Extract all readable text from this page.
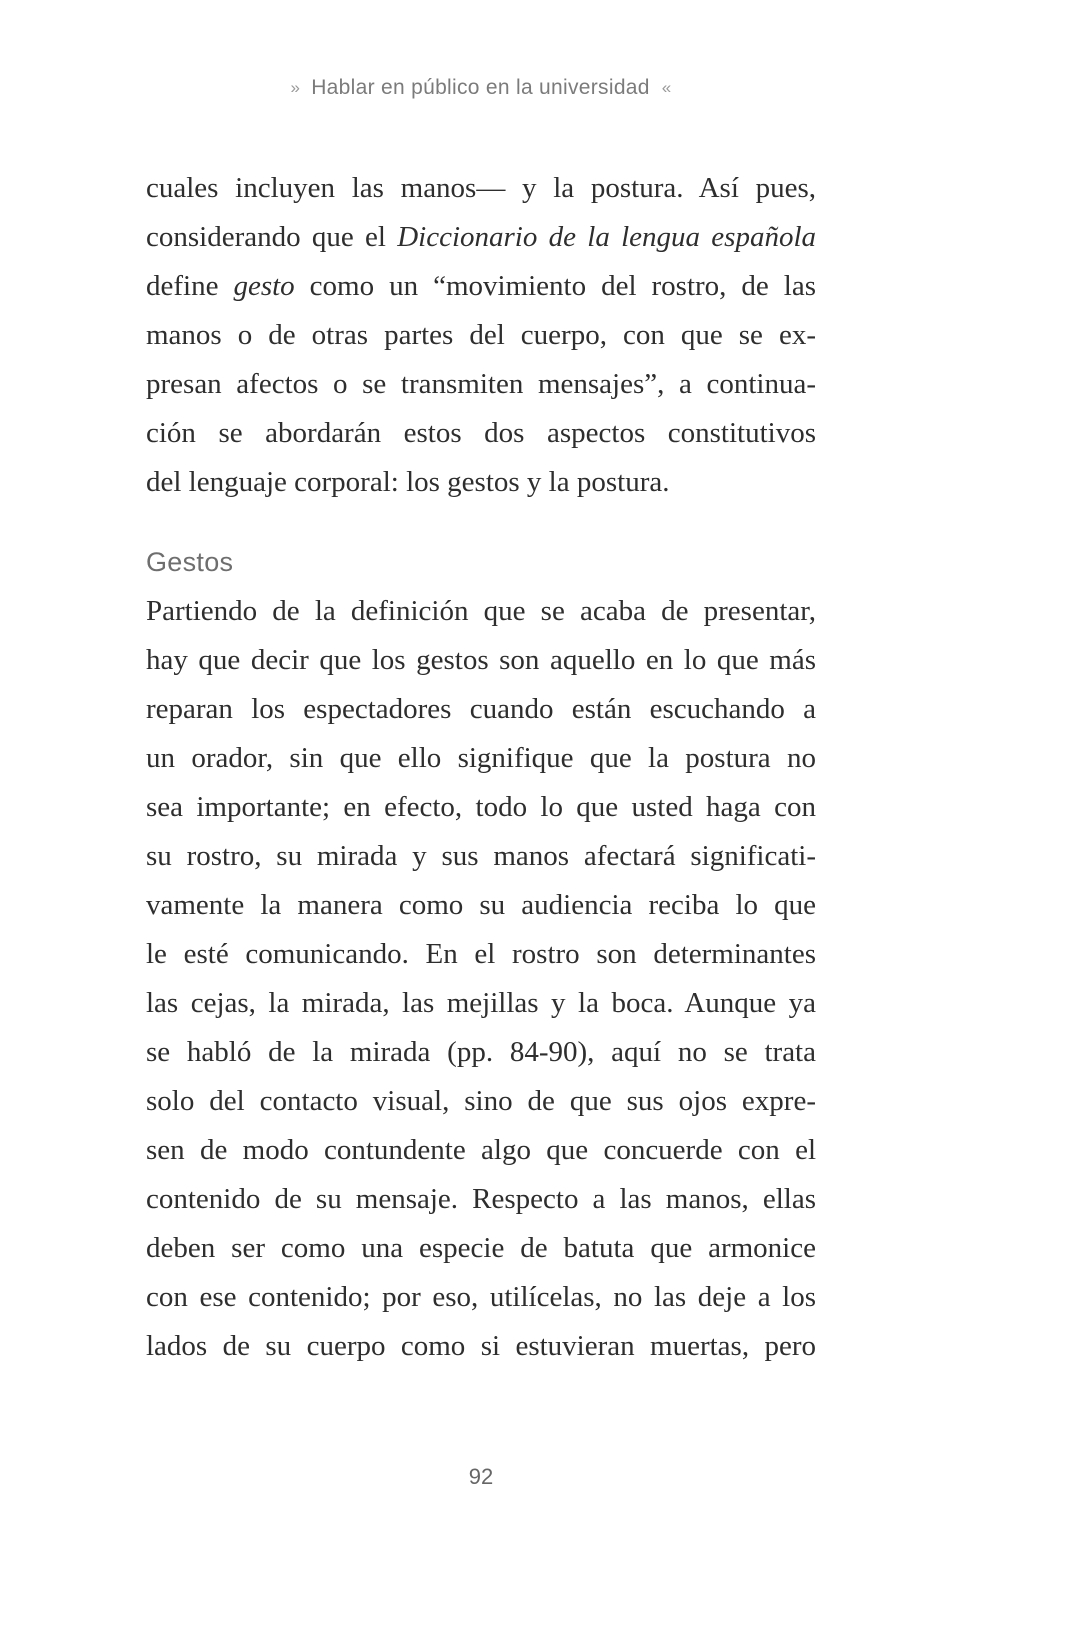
» Hablar en público en la universidad «
cuales incluyen las manos— y la postura. Así pues,
considerando que el Diccionario de la lengua española
define gesto como un “movimiento del rostro, de las
manos o de otras partes del cuerpo, con que se ex-
presan afectos o se transmiten mensajes”, a continua-
ción se abordarán estos dos aspectos constitutivos
del lenguaje corporal: los gestos y la postura.
Gestos
Partiendo de la definición que se acaba de presentar,
hay que decir que los gestos son aquello en lo que más
reparan los espectadores cuando están escuchando a
un orador, sin que ello signifique que la postura no
sea importante; en efecto, todo lo que usted haga con
su rostro, su mirada y sus manos afectará significati-
vamente la manera como su audiencia reciba lo que
le esté comunicando. En el rostro son determinantes
las cejas, la mirada, las mejillas y la boca. Aunque ya
se habló de la mirada (pp. 84-90), aquí no se trata
solo del contacto visual, sino de que sus ojos expre-
sen de modo contundente algo que concuerde con el
contenido de su mensaje. Respecto a las manos, ellas
deben ser como una especie de batuta que armonice
con ese contenido; por eso, utilícelas, no las deje a los
lados de su cuerpo como si estuvieran muertas, pero
92
